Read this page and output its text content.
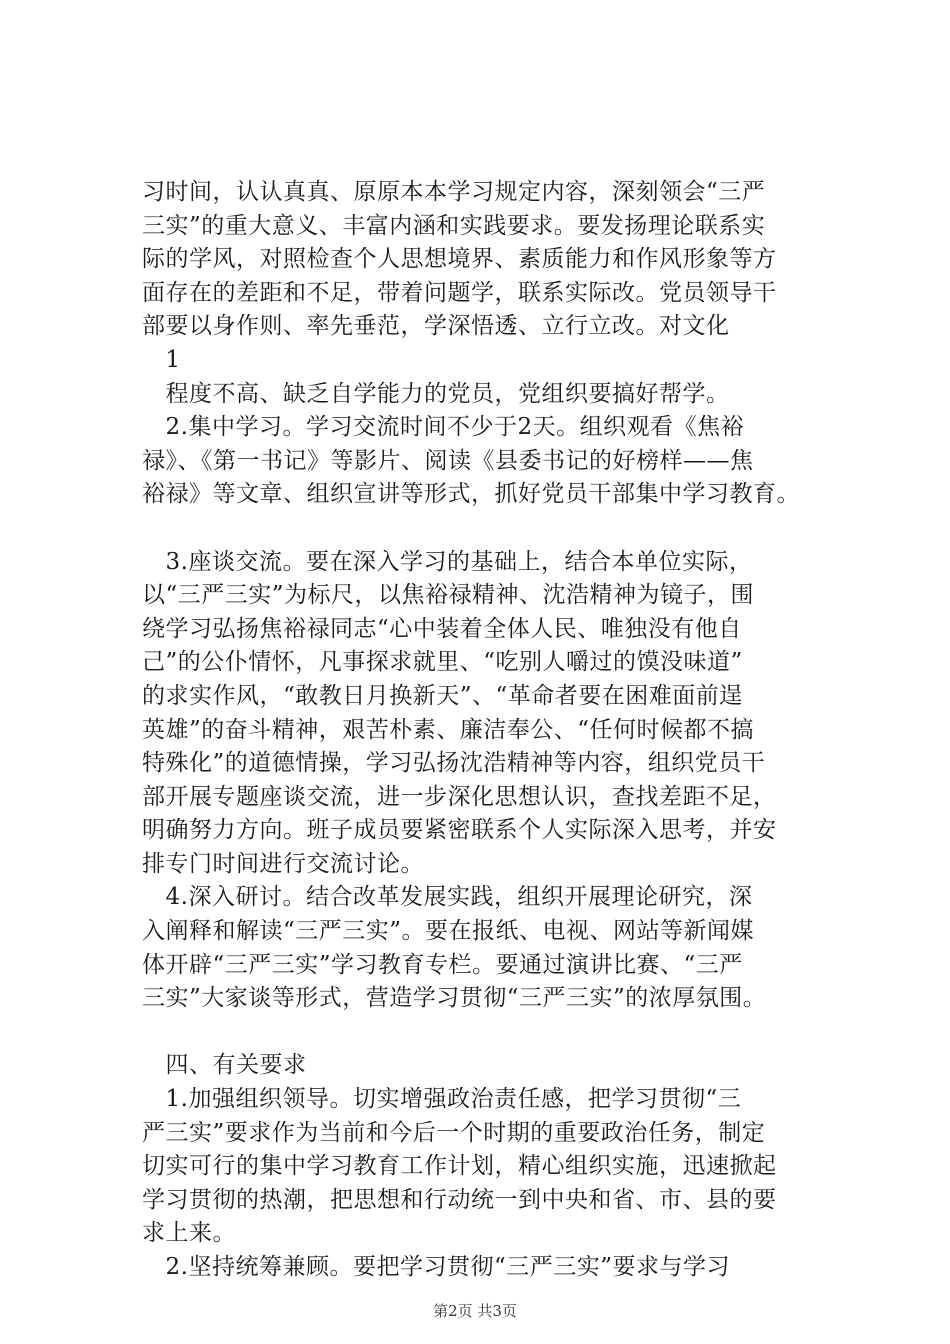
习时间，认认真真、原原本本学习规定内容，深刻领会“三严
三实”的重大意义、丰富内涵和实践要求。要发扬理论联系实
际的学风，对照检查个人思想境界、素质能力和作风形象等方
面存在的差距和不足，带着问题学，联系实际改。党员领导干
部要以身作则、率先垂范，学深悟透、立行立改。对文化
　1
　程度不高、缺乏自学能力的党员，党组织要搞好帮学。
　2.集中学习。学习交流时间不少于2天。组织观看《焦裕
禄》、《第一书记》等影片、阅读《县委书记的好榜样——焦
裕禄》等文章、组织宣讲等形式，抓好党员干部集中学习教育。
　3.座谈交流。要在深入学习的基础上，结合本单位实际，
以“三严三实”为标尺，以焦裕禄精神、沈浩精神为镜子，围
绕学习弘扬焦裕禄同志“心中装着全体人民、唯独没有他自
己”的公仆情怀，凡事探求就里、“吃别人嚼过的馍没味道”
的求实作风，“敢教日月换新天”、“革命者要在困难面前逞
英雄”的奋斗精神，艰苦朴素、廉洁奉公、“任何时候都不搞
特殊化”的道德情操，学习弘扬沈浩精神等内容，组织党员干
部开展专题座谈交流，进一步深化思想认识，查找差距不足，
明确努力方向。班子成员要紧密联系个人实际深入思考，并安
排专门时间进行交流讨论。
　4.深入研讨。结合改革发展实践，组织开展理论研究，深
入阐释和解读“三严三实”。要在报纸、电视、网站等新闻媒
体开辟“三严三实”学习教育专栏。要通过演讲比赛、“三严
三实”大家谈等形式，营造学习贯彻“三严三实”的浓厚氛围。
　四、有关要求
　1.加强组织领导。切实增强政治责任感，把学习贯彻“三
严三实”要求作为当前和今后一个时期的重要政治任务，制定
切实可行的集中学习教育工作计划，精心组织实施，迅速掀起
学习贯彻的热潮，把思想和行动统一到中央和省、市、县的要
求上来。
　2.坚持统筹兼顾。要把学习贯彻“三严三实”要求与学习
第2页 共3页
